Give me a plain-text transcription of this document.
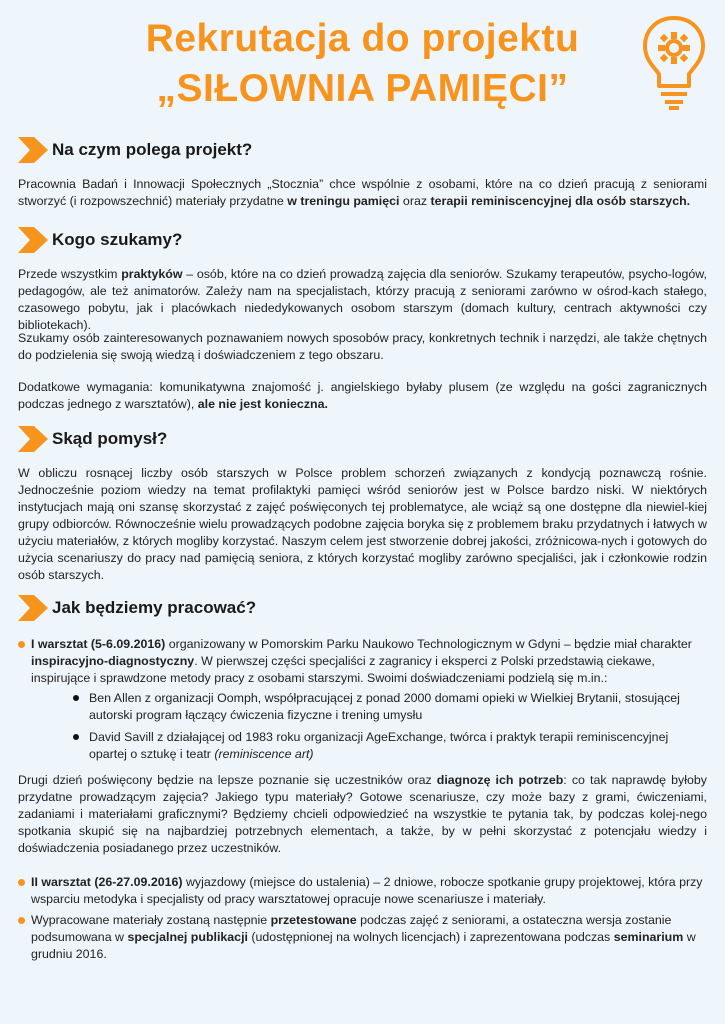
Rekrutacja do projektu
„SIŁOWNIA PAMIĘCI”
Na czym polega projekt?

Pracownia Badań i Innowacji Społecznych „Stocznia” chce wspólnie z osobami, które na co dzień pracują z seniorami stworzyć (i rozpowszechnić) materiały przydatne w treningu pamięci oraz terapii reminiscencyjnej dla osób starszych.

Kogo szukamy?

Przede wszystkim praktyków – osób, które na co dzień prowadzą zajęcia dla seniorów. Szukamy terapeutów, psycho-logów, pedagogów, ale też animatorów. Zależy nam na specjalistach, którzy pracują z seniorami zarówno w ośrod-kach stałego, czasowego pobytu, jak i placówkach niededykowanych osobom starszym (domach kultury, centrach aktywności czy bibliotekach).

Szukamy osób zainteresowanych poznawaniem nowych sposobów pracy, konkretnych technik i narzędzi, ale także chętnych do podzielenia się swoją wiedzą i doświadczeniem z tego obszaru.

Dodatkowe wymagania: komunikatywna znajomość j. angielskiego byłaby plusem (ze względu na gości zagranicznych podczas jednego z warsztatów), ale nie jest konieczna.

Skąd pomysł?

W obliczu rosnącej liczby osób starszych w Polsce problem schorzeń związanych z kondycją poznawczą rośnie. Jednocześnie poziom wiedzy na temat profilaktyki pamięci wśród seniorów jest w Polsce bardzo niski. W niektórych instytucjach mają oni szansę skorzystać z zajęć poświęconych tej problematyce, ale wciąż są one dostępne dla niewiel-kiej grupy odbiorców. Równocześnie wielu prowadzących podobne zajęcia boryka się z problemem braku przydatnych i łatwych w użyciu materiałów, z których mogliby korzystać. Naszym celem jest stworzenie dobrej jakości, zróżnicowa-nych i gotowych do użycia scenariuszy do pracy nad pamięcią seniora, z których korzystać mogliby zarówno specjaliści, jak i członkowie rodzin osób starszych.

Jak będziemy pracować?
I warsztat (5-6.09.2016) organizowany w Pomorskim Parku Naukowo Technologicznym w Gdyni – będzie miał charakter inspiracyjno-diagnostyczny. W pierwszej części specjaliści z zagranicy i eksperci z Polski przedstawią ciekawe, inspirujące i sprawdzone metody pracy z osobami starszymi. Swoimi doświadczeniami podzielą się m.in.:
Ben Allen z organizacji Oomph, współpracującej z ponad 2000 domami opieki w Wielkiej Brytanii, stosującej autorski program łączący ćwiczenia fizyczne i trening umysłu
David Savill z działającej od 1983 roku organizacji AgeExchange, twórca i praktyk terapii reminiscencyjnej opartej o sztukę i teatr (reminiscence art)

Drugi dzień poświęcony będzie na lepsze poznanie się uczestników oraz diagnozę ich potrzeb: co tak naprawdę byłoby przydatne prowadzącym zajęcia? Jakiego typu materiały? Gotowe scenariusze, czy może bazy z grami, ćwiczeniami, zadaniami i materiałami graficznymi? Będziemy chcieli odpowiedzieć na wszystkie te pytania tak, by podczas kolej-nego spotkania skupić się na najbardziej potrzebnych elementach, a także, by w pełni skorzystać z potencjału wiedzy i doświadczenia posiadanego przez uczestników.

II warsztat (26-27.09.2016) wyjazdowy (miejsce do ustalenia) – 2 dniowe, robocze spotkanie grupy projektowej, która przy wsparciu metodyka i specjalisty od pracy warsztatowej opracuje nowe scenariusze i materiały.
Wypracowane materiały zostaną następnie przetestowane podczas zajęć z seniorami, a ostateczna wersja zostanie podsumowana w specjalnej publikacji (udostępnionej na wolnych licencjach) i zaprezentowana podczas seminarium w grudniu 2016.
